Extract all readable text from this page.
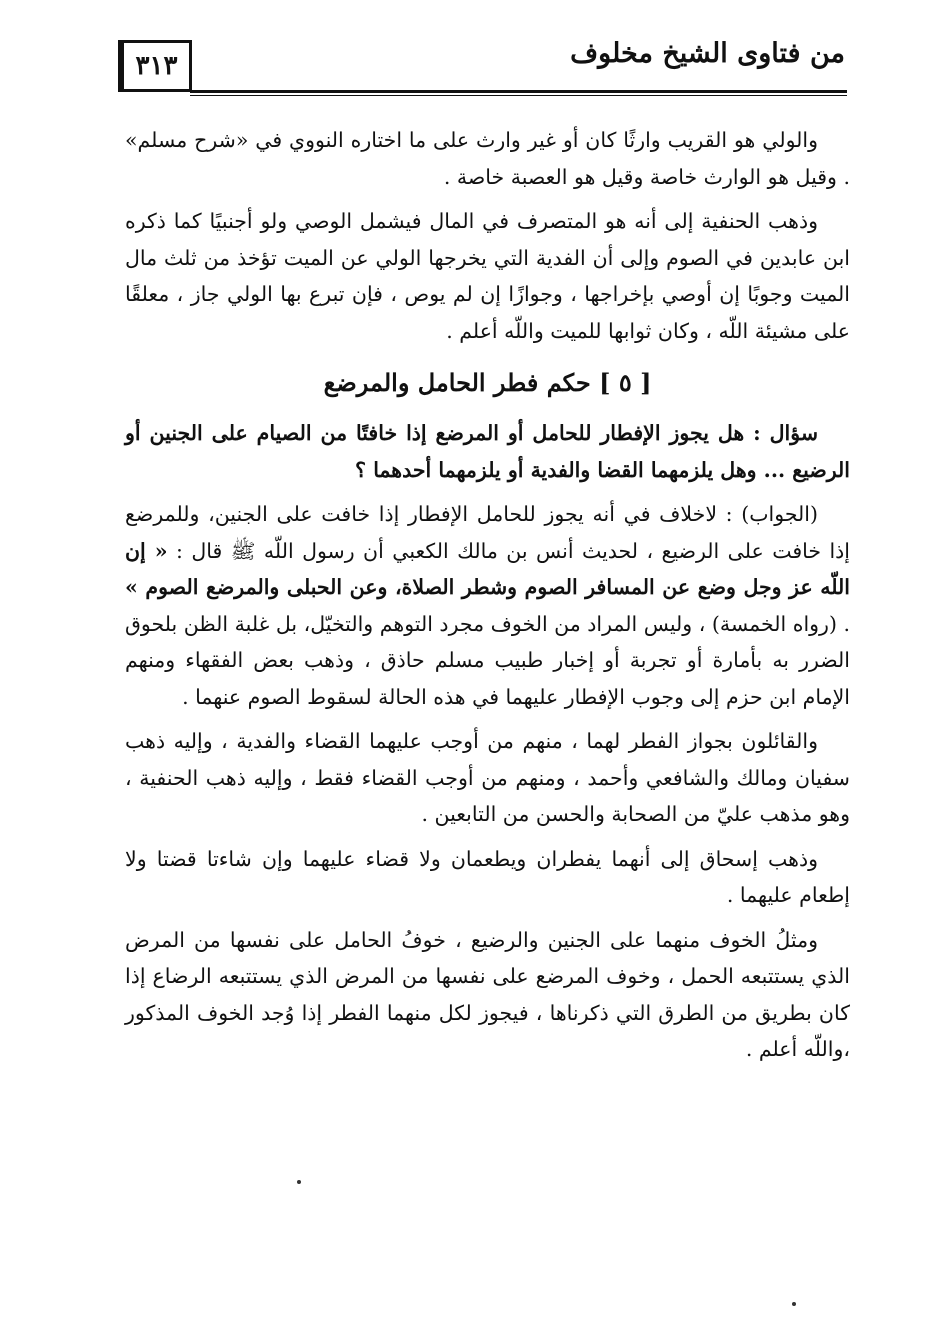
من فتاوى الشيخ مخلوف
٣١٣

والولي هو القريب وارثًا كان أو غير وارث على ما اختاره النووي في «شرح مسلم» . وقيل هو الوارث خاصة وقيل هو العصبة خاصة .

وذهب الحنفية إلى أنه هو المتصرف في المال فيشمل الوصي ولو أجنبيًا كما ذكره ابن عابدين في الصوم وإلى أن الفدية التي يخرجها الولي عن الميت تؤخذ من ثلث مال الميت وجوبًا إن أوصي بإخراجها ، وجوازًا إن لم يوص ، فإن تبرع بها الولي جاز ، معلقًا على مشيئة اللّه ، وكان ثوابها للميت واللّه أعلم .

[ ٥ ] حكم فطر الحامل والمرضع

سؤال : هل يجوز الإفطار للحامل أو المرضع إذا خافتًا من الصيام على الجنين أو الرضيع ... وهل يلزمهما القضا والفدية أو يلزمهما أحدهما ؟

(الجواب) : لاخلاف في أنه يجوز للحامل الإفطار إذا خافت على الجنين، وللمرضع إذا خافت على الرضيع ، لحديث أنس بن مالك الكعبي أن رسول اللّه ﷺ قال : « إن اللّه عز وجل وضع عن المسافر الصوم وشطر الصلاة، وعن الحبلى والمرضع الصوم » . (رواه الخمسة) ، وليس المراد من الخوف مجرد التوهم والتخيّل، بل غلبة الظن بلحوق الضرر به بأمارة أو تجربة أو إخبار طبيب مسلم حاذق ، وذهب بعض الفقهاء ومنهم الإمام ابن حزم إلى وجوب الإفطار عليهما في هذه الحالة لسقوط الصوم عنهما .

والقائلون بجواز الفطر لهما ، منهم من أوجب عليهما القضاء والفدية ، وإليه ذهب سفيان ومالك والشافعي وأحمد ، ومنهم من أوجب القضاء فقط ، وإليه ذهب الحنفية ، وهو مذهب عليّ من الصحابة والحسن من التابعين .

وذهب إسحاق إلى أنهما يفطران ويطعمان ولا قضاء عليهما وإن شاءتا قضتا ولا إطعام عليهما .

ومثلُ الخوف منهما على الجنين والرضيع ، خوفُ الحامل على نفسها من المرض الذي يستتبعه الحمل ، وخوف المرضع على نفسها من المرض الذي يستتبعه الرضاع إذا كان بطريق من الطرق التي ذكرناها ، فيجوز لكل منهما الفطر إذا وُجد الخوف المذكور ،واللّه أعلم .
